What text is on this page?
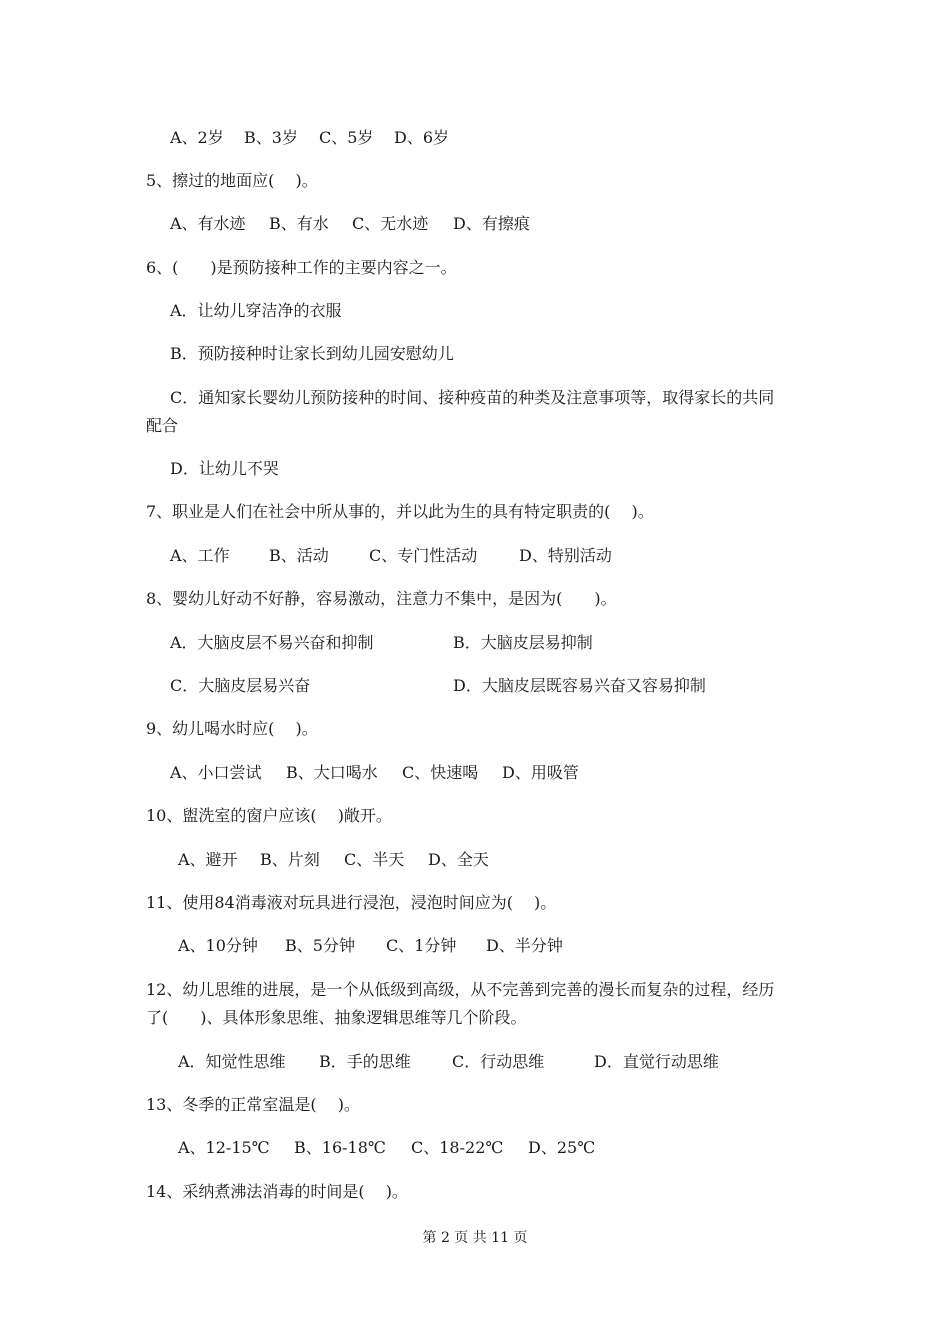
A、2岁 B、3岁 C、5岁 D、6岁
5、擦过的地面应(　 )。
A、有水迹 B、有水 C、无水迹 D、有擦痕
6、(　　)是预防接种工作的主要内容之一。
A．让幼儿穿洁净的衣服
B．预防接种时让家长到幼儿园安慰幼儿
C．通知家长婴幼儿预防接种的时间、接种疫苗的种类及注意事项等，取得家长的共同
配合
D．让幼儿不哭
7、职业是人们在社会中所从事的，并以此为生的具有特定职责的(　 )。
A、工作 B、活动	C、专门性活动	D、特别活动
8、婴幼儿好动不好静，容易激动，注意力不集中，是因为(　　)。
A．大脑皮层不易兴奋和抑制	B．大脑皮层易抑制
C．大脑皮层易兴奋	D．大脑皮层既容易兴奋又容易抑制
9、幼儿喝水时应(　 )。
A、小口尝试 B、大口喝水 C、快速喝 D、用吸管
10、盥洗室的窗户应该(　 )敞开。
A、避开 B、片刻 C、半天 D、全天
11、使用84消毒液对玩具进行浸泡，浸泡时间应为(　 )。
A、10分钟 B、5分钟 C、1分钟 D、半分钟
12、幼儿思维的进展，是一个从低级到高级，从不完善到完善的漫长而复杂的过程，经历
了(　　)、具体形象思维、抽象逻辑思维等几个阶段。
A．知觉性思维 B．手的思维	C．行动思维	D．直觉行动思维
13、冬季的正常室温是(　 )。
A、12-15℃ B、16-18℃ C、18-22℃ D、25℃
14、采纳煮沸法消毒的时间是(　 )。
第 2 页 共 11 页
